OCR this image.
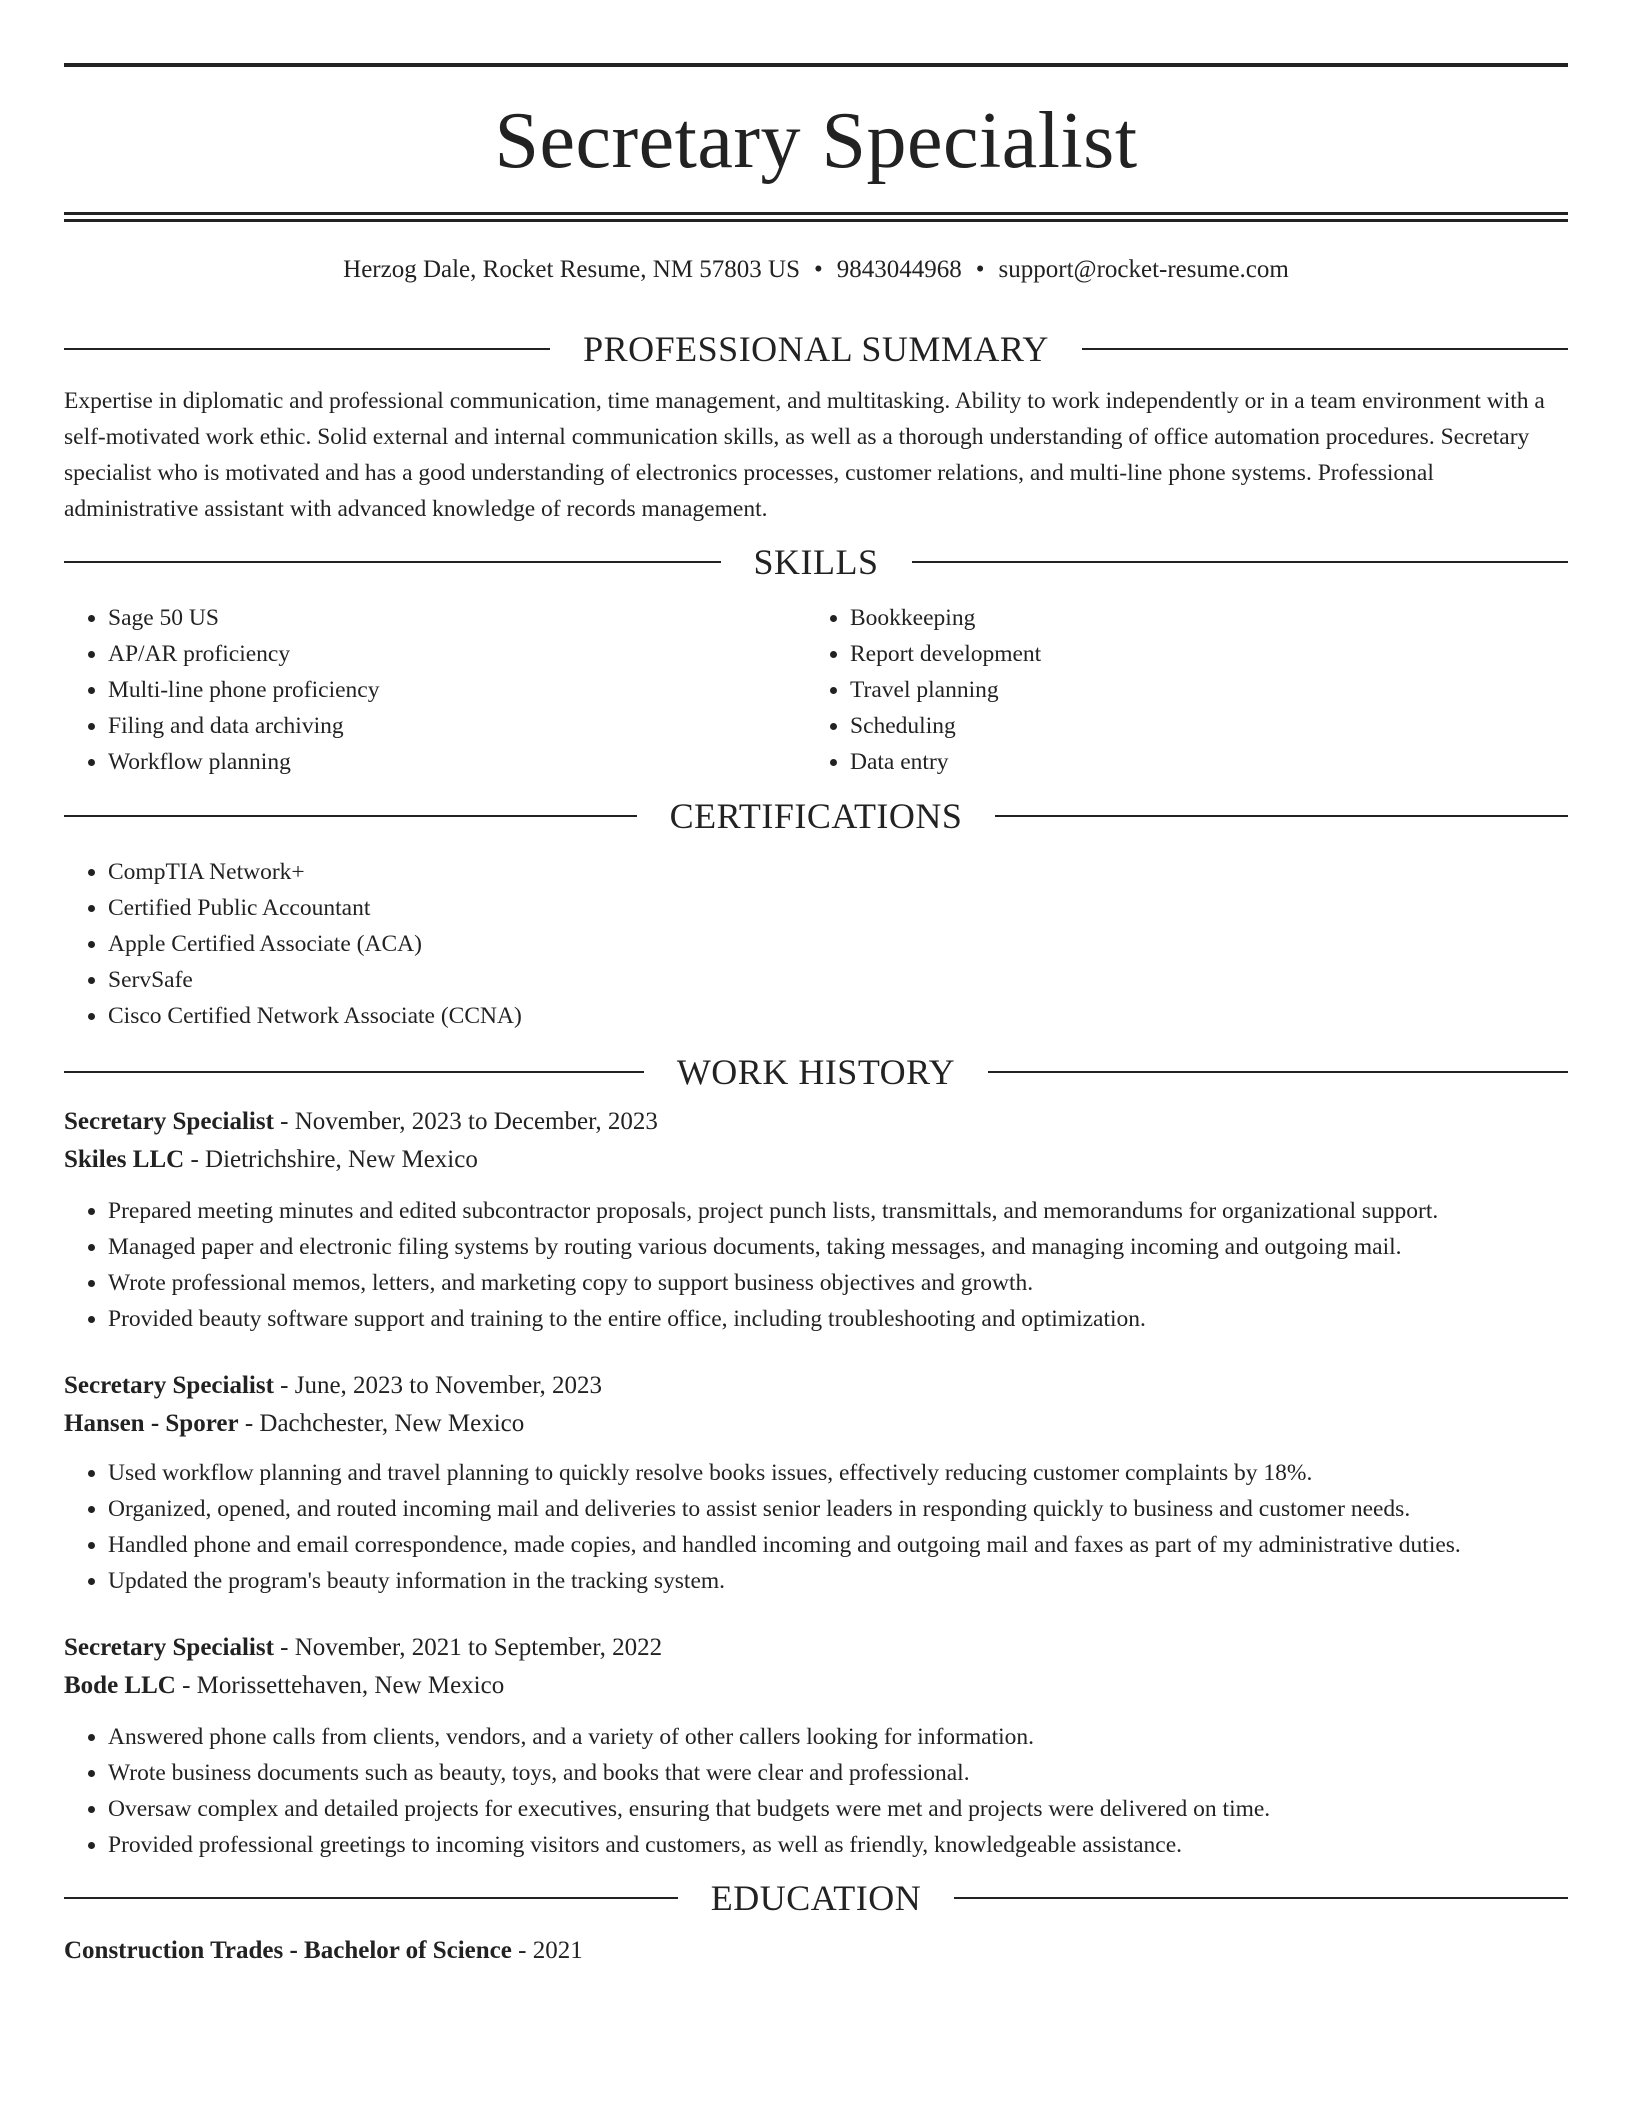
Secretary Specialist
Herzog Dale, Rocket Resume, NM 57803 US • 9843044968 • support@rocket-resume.com
PROFESSIONAL SUMMARY

Expertise in diplomatic and professional communication, time management, and multitasking. Ability to work independently or in a team environment with a self-motivated work ethic. Solid external and internal communication skills, as well as a thorough understanding of office automation procedures. Secretary specialist who is motivated and has a good understanding of electronics processes, customer relations, and multi-line phone systems. Professional administrative assistant with advanced knowledge of records management.

SKILLS
• Sage 50 US
• AP/AR proficiency
• Multi-line phone proficiency
• Filing and data archiving
• Workflow planning
• Bookkeeping
• Report development
• Travel planning
• Scheduling
• Data entry
CERTIFICATIONS
• CompTIA Network+
• Certified Public Accountant
• Apple Certified Associate (ACA)
• ServSafe
• Cisco Certified Network Associate (CCNA)
WORK HISTORY
Secretary Specialist - November, 2023 to December, 2023
Skiles LLC - Dietrichshire, New Mexico
• Prepared meeting minutes and edited subcontractor proposals, project punch lists, transmittals, and memorandums for organizational support.
• Managed paper and electronic filing systems by routing various documents, taking messages, and managing incoming and outgoing mail.
• Wrote professional memos, letters, and marketing copy to support business objectives and growth.
• Provided beauty software support and training to the entire office, including troubleshooting and optimization.
Secretary Specialist - June, 2023 to November, 2023
Hansen - Sporer - Dachchester, New Mexico
• Used workflow planning and travel planning to quickly resolve books issues, effectively reducing customer complaints by 18%.
• Organized, opened, and routed incoming mail and deliveries to assist senior leaders in responding quickly to business and customer needs.
• Handled phone and email correspondence, made copies, and handled incoming and outgoing mail and faxes as part of my administrative duties.
• Updated the program's beauty information in the tracking system.
Secretary Specialist - November, 2021 to September, 2022
Bode LLC - Morissettehaven, New Mexico
• Answered phone calls from clients, vendors, and a variety of other callers looking for information.
• Wrote business documents such as beauty, toys, and books that were clear and professional.
• Oversaw complex and detailed projects for executives, ensuring that budgets were met and projects were delivered on time.
• Provided professional greetings to incoming visitors and customers, as well as friendly, knowledgeable assistance.
EDUCATION
Construction Trades - Bachelor of Science - 2021
